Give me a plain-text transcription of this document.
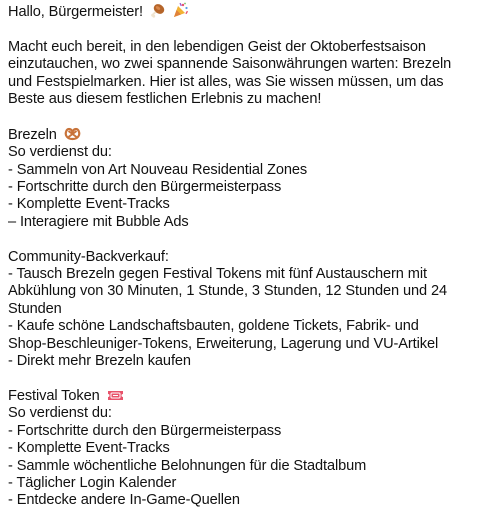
Hallo, Bürgermeister!

Macht euch bereit, in den lebendigen Geist der Oktoberfestsaison
einzutauchen, wo zwei spannende Saisonwährungen warten: Brezeln
und Festspielmarken. Hier ist alles, was Sie wissen müssen, um das
Beste aus diesem festlichen Erlebnis zu machen!
Brezeln
So verdienst du:
- Sammeln von Art Nouveau Residential Zones
- Fortschritte durch den Bürgermeisterpass
- Komplette Event-Tracks
– Interagiere mit Bubble Ads
Community-Backverkauf:
- Tausch Brezeln gegen Festival Tokens mit fünf Austauschern mit
Abkühlung von 30 Minuten, 1 Stunde, 3 Stunden, 12 Stunden und 24
Stunden
- Kaufe schöne Landschaftsbauten, goldene Tickets, Fabrik- und
Shop-Beschleuniger-Tokens, Erweiterung, Lagerung und VU-Artikel
- Direkt mehr Brezeln kaufen
Festival Token
So verdienst du:
- Fortschritte durch den Bürgermeisterpass
- Komplette Event-Tracks
- Sammle wöchentliche Belohnungen für die Stadtalbum
- Täglicher Login Kalender
- Entdecke andere In-Game-Quellen
